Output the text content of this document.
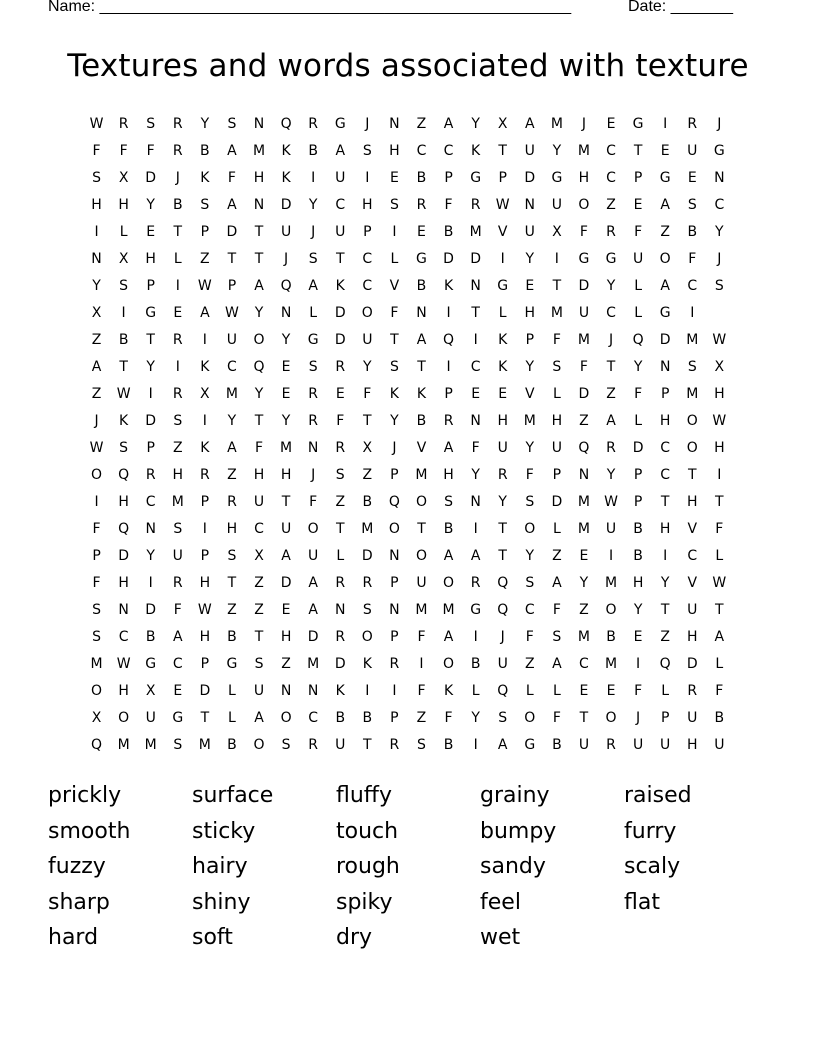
Name: _____________________________________________________	Date: _______
Textures and words associated with texture
W	R	S	R	Y	S	N	Q	R	G	J	N	Z	A	Y	X	A	M	J	E	G	I	R	J
F	F	F	R	B	A	M	K	B	A	S	H	C	C	K	T	U	Y	M	C	T	E	U	G
S	X	D	J	K	F	H	K	I	U	I	E	B	P	G	P	D	G	H	C	P	G	E	N
H	H	Y	B	S	A	N	D	Y	C	H	S	R	F	R	W	N	U	O	Z	E	A	S	C
I	L	E	T	P	D	T	U	J	U	P	I	E	B	M	V	U	X	F	R	F	Z	B	Y
N	X	H	L	Z	T	T	J	S	T	C	L	G	D	D	I	Y	I	G	G	U	O	F	J
Y	S	P	I	W	P	A	Q	A	K	C	V	B	K	N	G	E	T	D	Y	L	A	C	S
X	I	G	E	A	W	Y	N	L	D	O	F	N	I	T	L	H	M	U	C	L	G	I
Z	B	T	R	I	U	O	Y	G	D	U	T	A	Q	I	K	P	F	M	J	Q	D	M	W
A	T	Y	I	K	C	Q	E	S	R	Y	S	T	I	C	K	Y	S	F	T	Y	N	S	X
Z	W	I	R	X	M	Y	E	R	E	F	K	K	P	E	E	V	L	D	Z	F	P	M	H
J	K	D	S	I	Y	T	Y	R	F	T	Y	B	R	N	H	M	H	Z	A	L	H	O	W
W	S	P	Z	K	A	F	M	N	R	X	J	V	A	F	U	Y	U	Q	R	D	C	O	H
O	Q	R	H	R	Z	H	H	J	S	Z	P	M	H	Y	R	F	P	N	Y	P	C	T	I
I	H	C	M	P	R	U	T	F	Z	B	Q	O	S	N	Y	S	D	M	W	P	T	H	T
F	Q	N	S	I	H	C	U	O	T	M	O	T	B	I	T	O	L	M	U	B	H	V	F
P	D	Y	U	P	S	X	A	U	L	D	N	O	A	A	T	Y	Z	E	I	B	I	C	L
F	H	I	R	H	T	Z	D	A	R	R	P	U	O	R	Q	S	A	Y	M	H	Y	V	W
S	N	D	F	W	Z	Z	E	A	N	S	N	M	M	G	Q	C	F	Z	O	Y	T	U	T
S	C	B	A	H	B	T	H	D	R	O	P	F	A	I	J	F	S	M	B	E	Z	H	A
M	W	G	C	P	G	S	Z	M	D	K	R	I	O	B	U	Z	A	C	M	I	Q	D	L
O	H	X	E	D	L	U	N	N	K	I	I	F	K	L	Q	L	L	E	E	F	L	R	F
X	O	U	G	T	L	A	O	C	B	B	P	Z	F	Y	S	O	F	T	O	J	P	U	B
Q	M	M	S	M	B	O	S	R	U	T	R	S	B	I	A	G	B	U	R	U	U	H	U
prickly	surface	fluffy	grainy	raised
smooth	sticky	touch	bumpy	furry
fuzzy	hairy	rough	sandy	scaly
sharp	shiny	spiky	feel	flat
hard	soft	dry	wet
